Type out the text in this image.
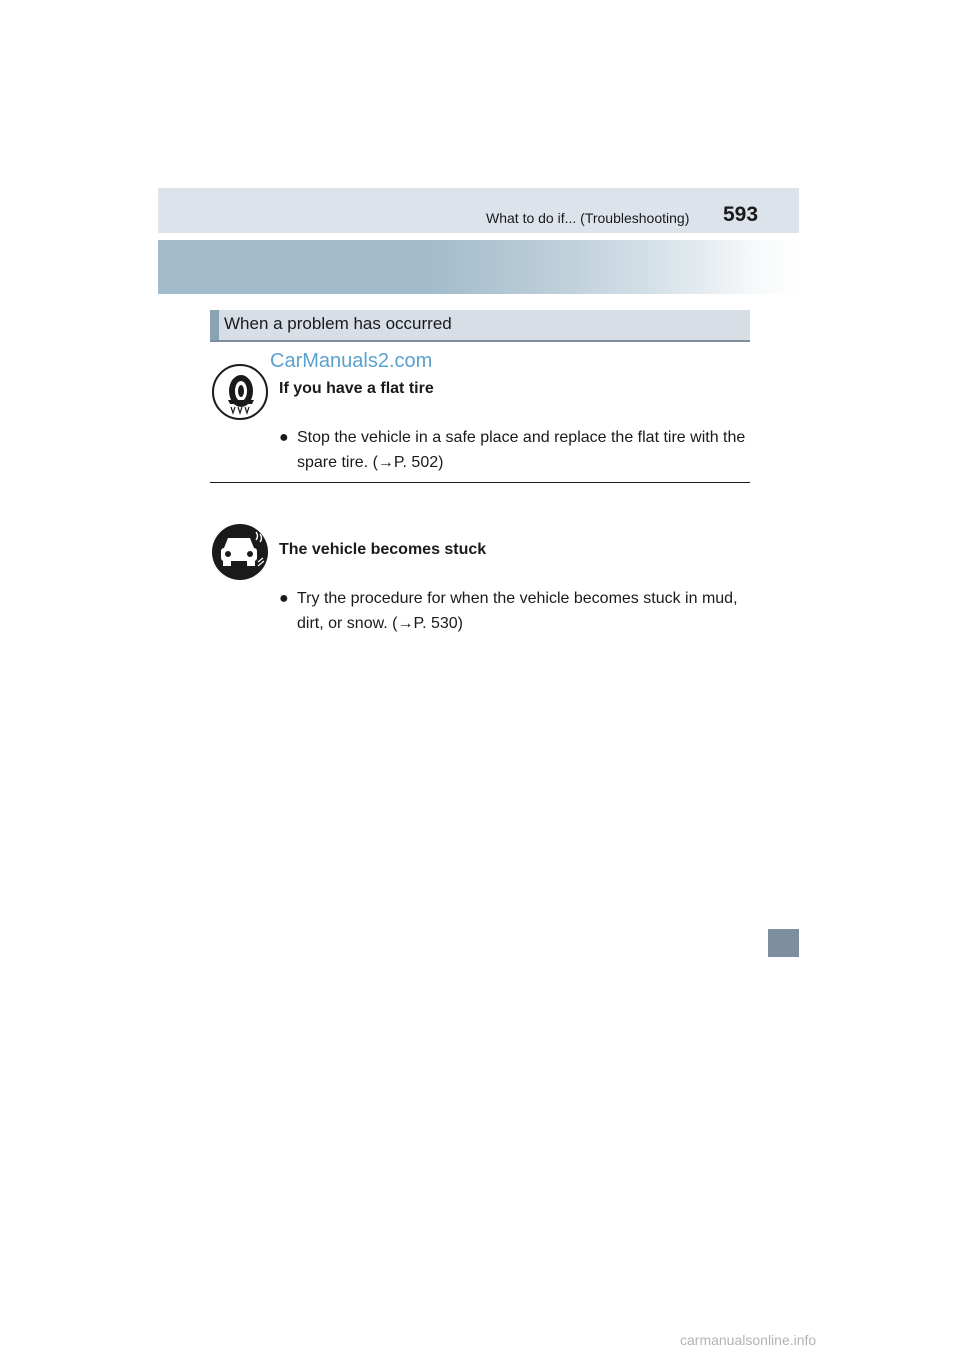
What to do if... (Troubleshooting) 593
When a problem has occurred
CarManuals2.com
If you have a flat tire
● Stop the vehicle in a safe place and replace the flat tire with the spare tire. (→P. 502)
The vehicle becomes stuck
● Try the procedure for when the vehicle becomes stuck in mud, dirt, or snow. (→P. 530)
carmanualsonline.info
